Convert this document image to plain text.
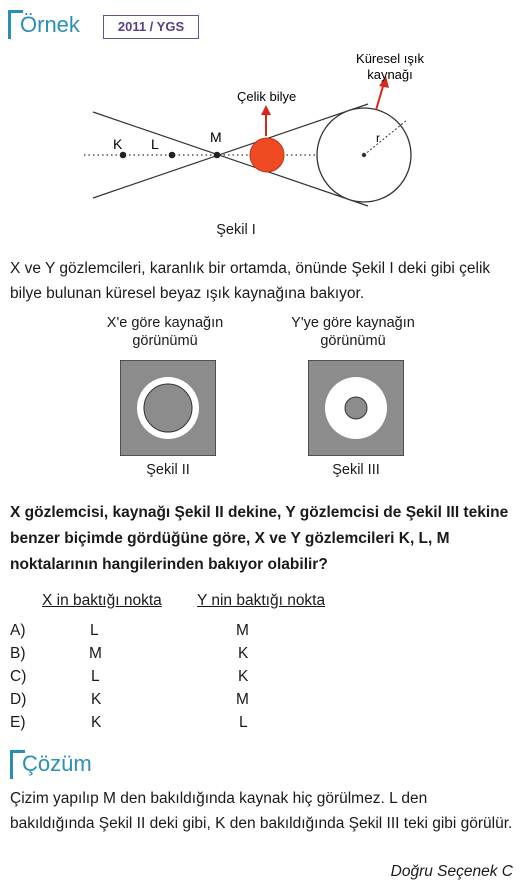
Örnek	2011 / YGS
K L	M	r
Çelik bilye
Küresel ışık
kaynağı
Şekil I
X ve Y gözlemcileri, karanlık bir ortamda, önünde Şekil I deki gibi çelik bilye bulunan küresel beyaz ışık kaynağına bakıyor.
X'e göre kaynağın
görünümü
Şekil II
Y'ye göre kaynağın
görünümü
Şekil III
X gözlemcisi, kaynağı Şekil II dekine, Y gözlemcisi de Şekil III tekine benzer biçimde gördüğüne göre, X ve Y gözlemcileri K, L, M noktalarının hangilerinden bakıyor olabilir?
X in baktığı nokta Y nin baktığı nokta
A)	L	M
B)	M	K
C)	L	K
D)	K	M
E)	K	L
Çözüm
Çizim yapılıp M den bakıldığında kaynak hiç görülmez. L den bakıldığında Şekil II deki gibi, K den bakıldığında Şekil III teki gibi görülür.
Doğru Seçenek C
